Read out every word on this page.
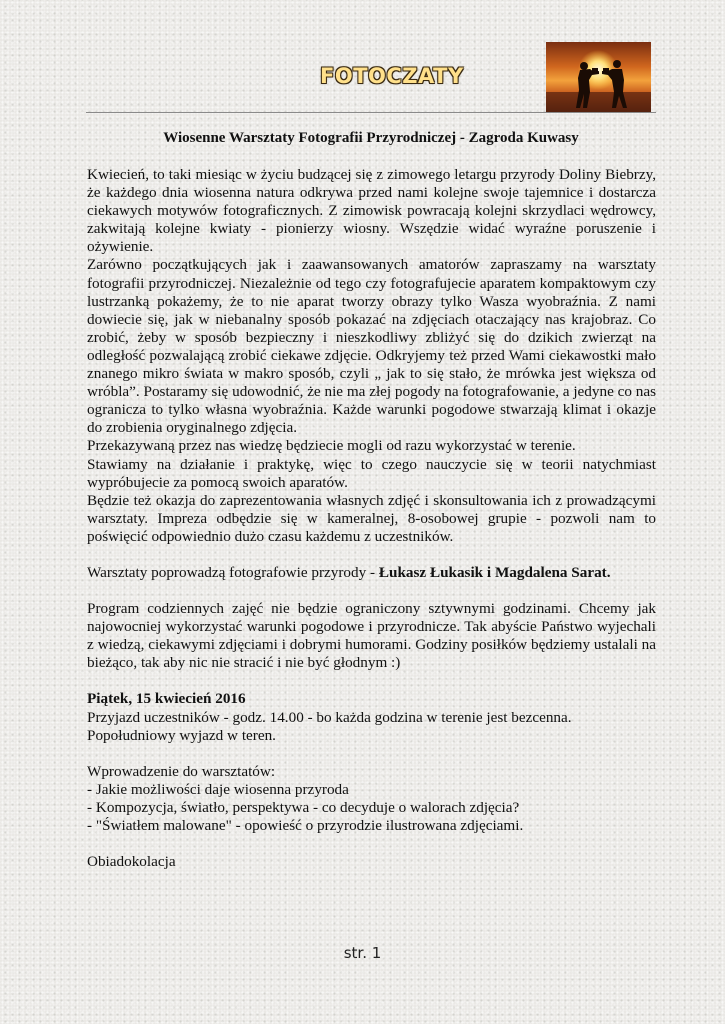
FOTOCZATY
Wiosenne Warsztaty Fotografii Przyrodniczej - Zagroda Kuwasy

Kwiecień, to taki miesiąc w życiu budzącej się z zimowego letargu przyrody Doliny Biebrzy, że każdego dnia wiosenna natura odkrywa przed nami kolejne swoje tajemnice i dostarcza ciekawych motywów fotograficznych. Z zimowisk powracają kolejni skrzydlaci wędrowcy, zakwitają kolejne kwiaty - pionierzy wiosny. Wszędzie widać wyraźne poruszenie i ożywienie.

Zarówno początkujących jak i zaawansowanych amatorów zapraszamy na warsztaty fotografii przyrodniczej. Niezależnie od tego czy fotografujecie aparatem kompaktowym czy lustrzanką pokażemy, że to nie aparat tworzy obrazy tylko Wasza wyobraźnia. Z nami dowiecie się, jak w niebanalny sposób pokazać na zdjęciach otaczający nas krajobraz. Co zrobić, żeby w sposób bezpieczny i nieszkodliwy zbliżyć się do dzikich zwierząt na odległość pozwalającą zrobić ciekawe zdjęcie. Odkryjemy też przed Wami ciekawostki mało znanego mikro świata w makro sposób, czyli „ jak to się stało, że mrówka jest większa od wróbla”. Postaramy się udowodnić, że nie ma złej pogody na fotografowanie, a jedyne co nas ogranicza to tylko własna wyobraźnia. Każde warunki pogodowe stwarzają klimat i okazje do zrobienia oryginalnego zdjęcia.

Przekazywaną przez nas wiedzę będziecie mogli od razu wykorzystać w terenie.

Stawiamy na działanie i praktykę, więc to czego nauczycie się w teorii natychmiast wypróbujecie za pomocą swoich aparatów.

Będzie też okazja do zaprezentowania własnych zdjęć i skonsultowania ich z prowadzącymi warsztaty. Impreza odbędzie się w kameralnej, 8-osobowej grupie - pozwoli nam to poświęcić odpowiednio dużo czasu każdemu z uczestników.

Warsztaty poprowadzą fotografowie przyrody - Łukasz Łukasik i Magdalena Sarat.

Program codziennych zajęć nie będzie ograniczony sztywnymi godzinami. Chcemy jak najowocniej wykorzystać warunki pogodowe i przyrodnicze. Tak abyście Państwo wyjechali z wiedzą, ciekawymi zdjęciami i dobrymi humorami. Godziny posiłków będziemy ustalali na bieżąco, tak aby nic nie stracić i nie być głodnym :)

Piątek, 15 kwiecień 2016

Przyjazd uczestników - godz. 14.00 - bo każda godzina w terenie jest bezcenna.

Popołudniowy wyjazd w teren.

Wprowadzenie do warsztatów:

- Jakie możliwości daje wiosenna przyroda

- Kompozycja, światło, perspektywa - co decyduje o walorach zdjęcia?

- "Światłem malowane" - opowieść o przyrodzie ilustrowana zdjęciami.

Obiadokolacja

str. 1
